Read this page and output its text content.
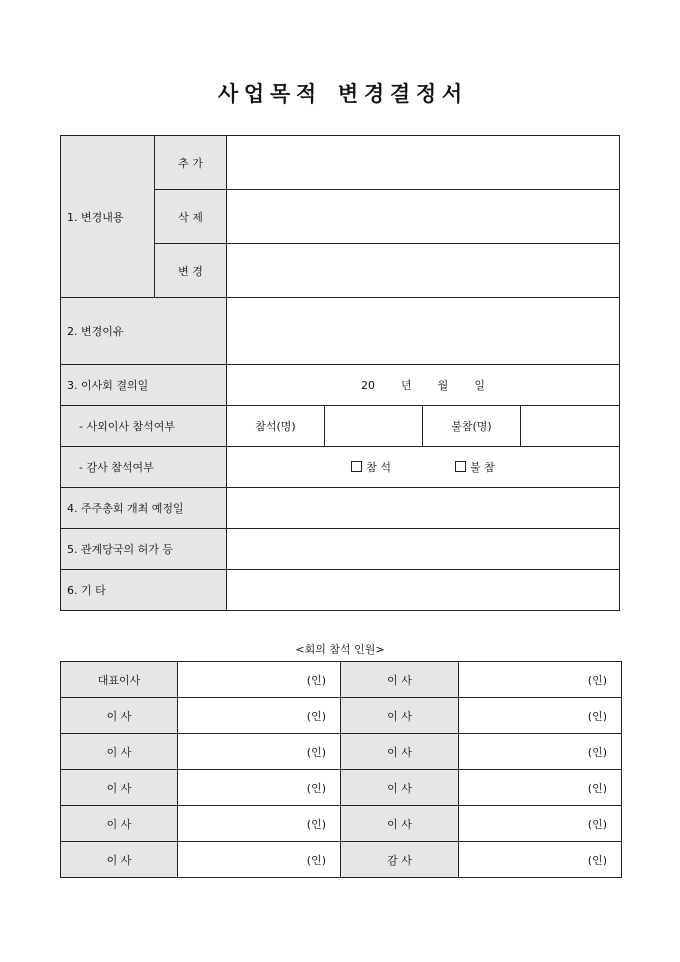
사 업 목 적 변 경 결 정 서
1. 변경내용	추 가				
	삭 제				
	변 경				
2. 변경이유					
3. 이사회 결의일		20 년 월 일			
- 사외이사 참석여부		참석(명)		불참(명)	
- 감사 참석여부		참 석 불 참			
4. 주주총회 개최 예정일					
5. 관계당국의 허가 등					
6. 기 타					
<회의 참석 인원>
대표이사	(인)	이 사	(인)
이 사	(인)	이 사	(인)
이 사	(인)	이 사	(인)
이 사	(인)	이 사	(인)
이 사	(인)	이 사	(인)
이 사	(인)	감 사	(인)
